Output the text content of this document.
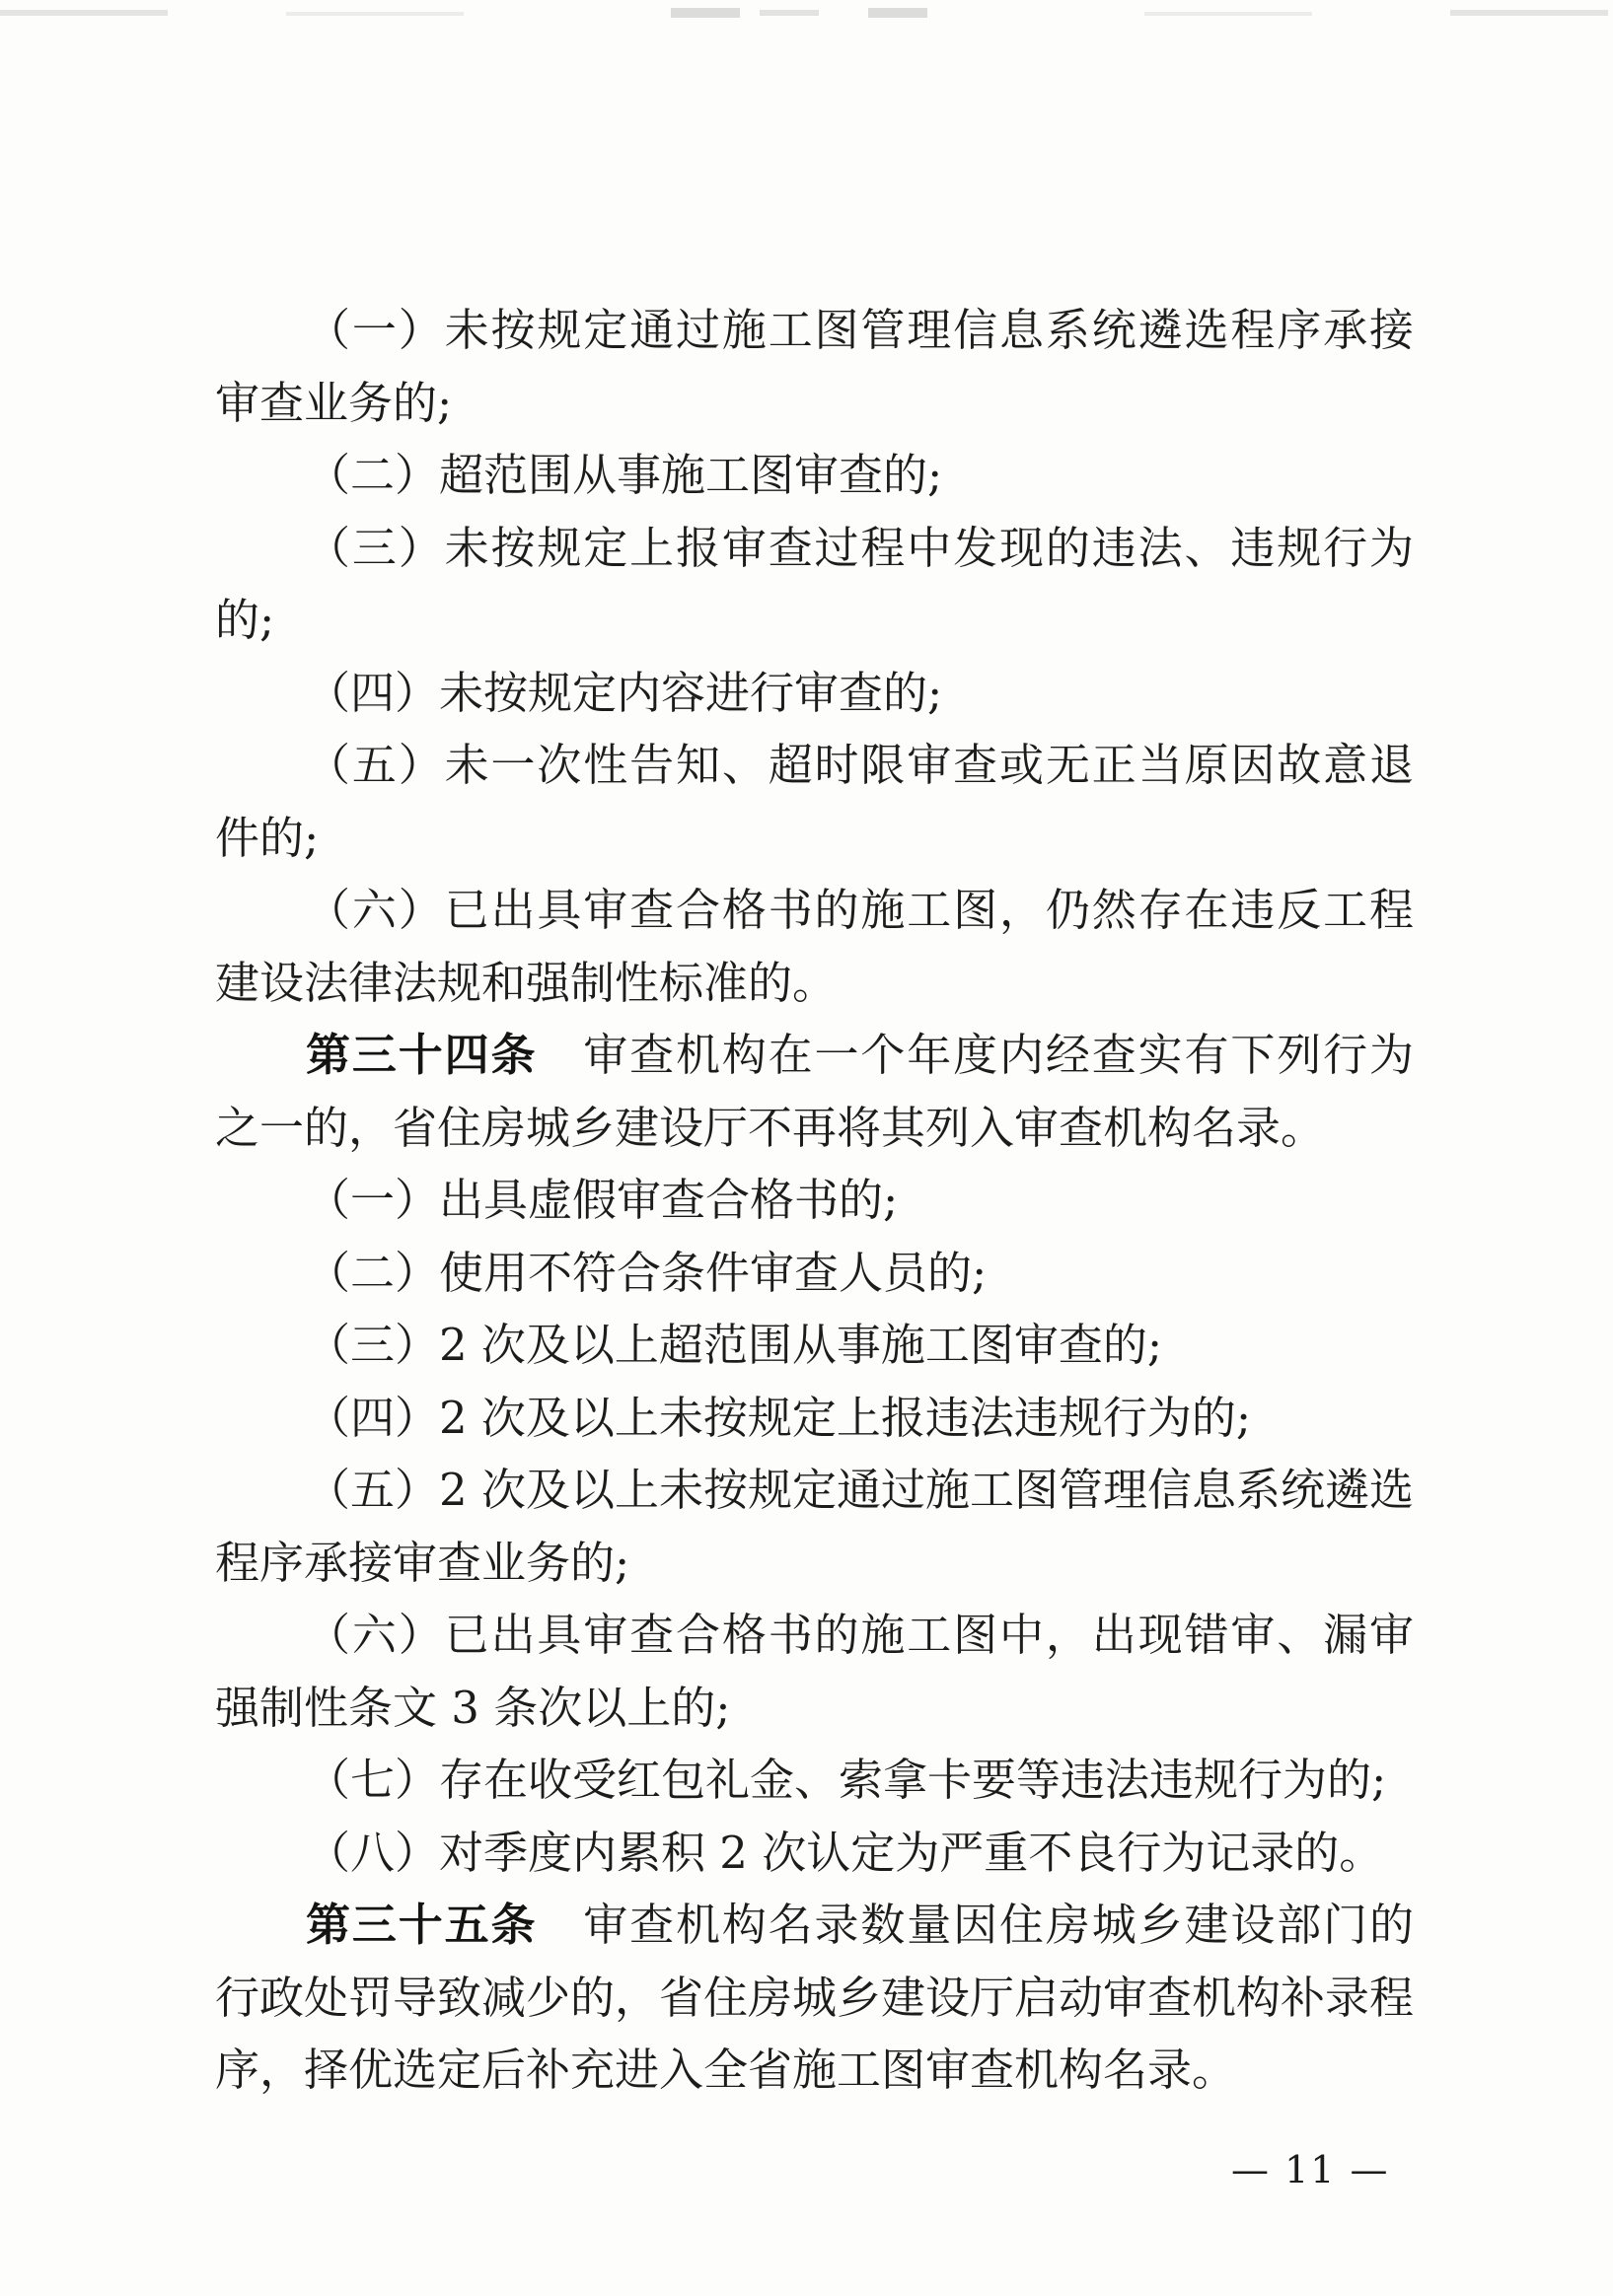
（一）未按规定通过施工图管理信息系统遴选程序承接审查业务的;

（二）超范围从事施工图审查的;

（三）未按规定上报审查过程中发现的违法、违规行为的;

（四）未按规定内容进行审查的;

（五）未一次性告知、超时限审查或无正当原因故意退件的;

（六）已出具审查合格书的施工图，仍然存在违反工程建设法律法规和强制性标准的。

第三十四条 审查机构在一个年度内经查实有下列行为之一的，省住房城乡建设厅不再将其列入审查机构名录。

（一）出具虚假审查合格书的;

（二）使用不符合条件审查人员的;

（三）2 次及以上超范围从事施工图审查的;

（四）2 次及以上未按规定上报违法违规行为的;

（五）2 次及以上未按规定通过施工图管理信息系统遴选程序承接审查业务的;

（六）已出具审查合格书的施工图中，出现错审、漏审强制性条文 3 条次以上的;

（七）存在收受红包礼金、索拿卡要等违法违规行为的;

（八）对季度内累积 2 次认定为严重不良行为记录的。

第三十五条 审查机构名录数量因住房城乡建设部门的行政处罚导致减少的，省住房城乡建设厅启动审查机构补录程序，择优选定后补充进入全省施工图审查机构名录。

— 11 —
